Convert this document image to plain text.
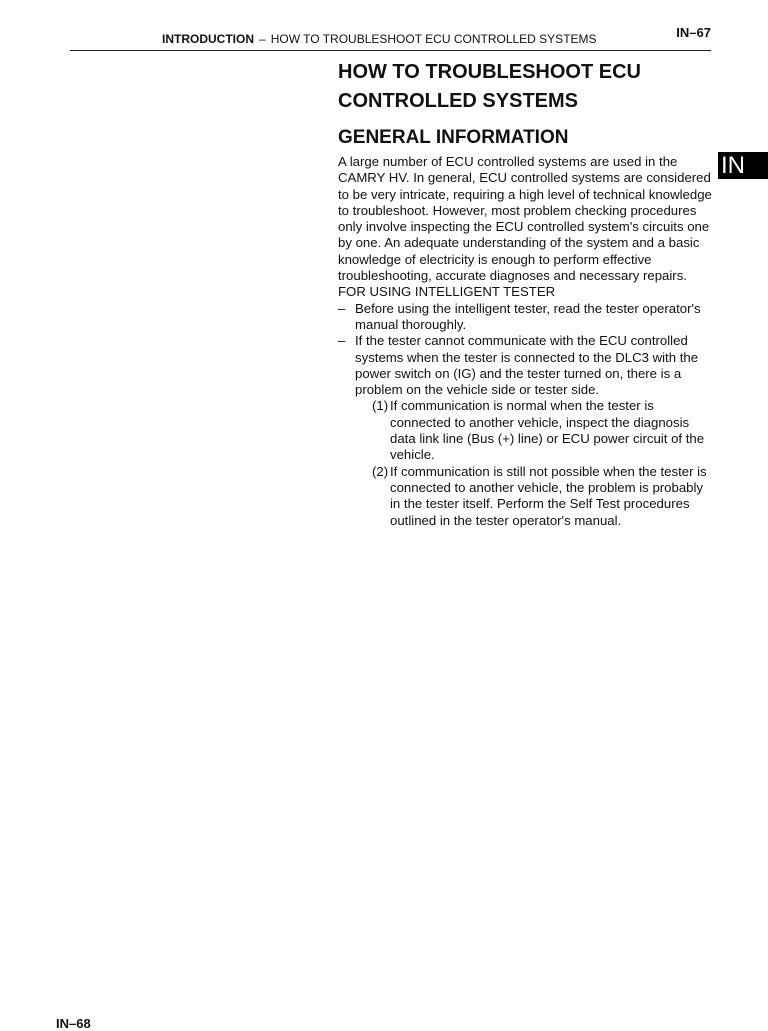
INTRODUCTION – HOW TO TROUBLESHOOT ECU CONTROLLED SYSTEMS	IN–67
IN
HOW TO TROUBLESHOOT ECU
CONTROLLED SYSTEMS
GENERAL INFORMATION

A large number of ECU controlled systems are used in the CAMRY HV. In general, ECU controlled systems are considered to be very intricate, requiring a high level of technical knowledge to troubleshoot. However, most problem checking procedures only involve inspecting the ECU controlled system's circuits one by one. An adequate understanding of the system and a basic knowledge of electricity is enough to perform effective troubleshooting, accurate diagnoses and necessary repairs.

FOR USING INTELLIGENT TESTER

– Before using the intelligent tester, read the tester operator's manual thoroughly.
– If the tester cannot communicate with the ECU controlled systems when the tester is connected to the DLC3 with the power switch on (IG) and the tester turned on, there is a problem on the vehicle side or tester side.
(1) If communication is normal when the tester is connected to another vehicle, inspect the diagnosis data link line (Bus (+) line) or ECU power circuit of the vehicle.
(2) If communication is still not possible when the tester is connected to another vehicle, the problem is probably in the tester itself. Perform the Self Test procedures outlined in the tester operator's manual.
IN–68
